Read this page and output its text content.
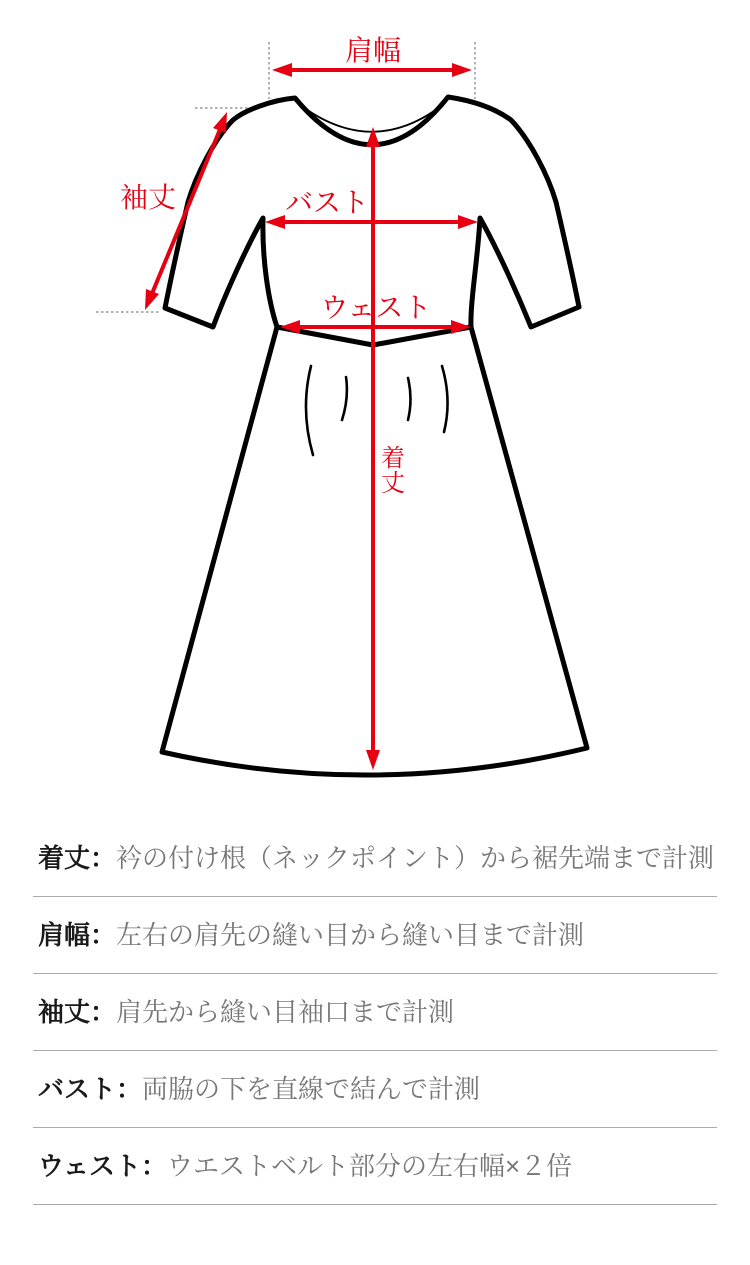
肩幅
袖丈	バスト
ウェスト
着
丈
着丈 ： 衿の付け根（ネックポイント）から裾先端まで計測
肩幅 ： 左右の肩先の縫い目から縫い目まで計測
袖丈 ： 肩先から縫い目袖口まで計測
バスト ： 両脇の下を直線で結んで計測
ウェスト ： ウエストベルト部分の左右幅×２倍
